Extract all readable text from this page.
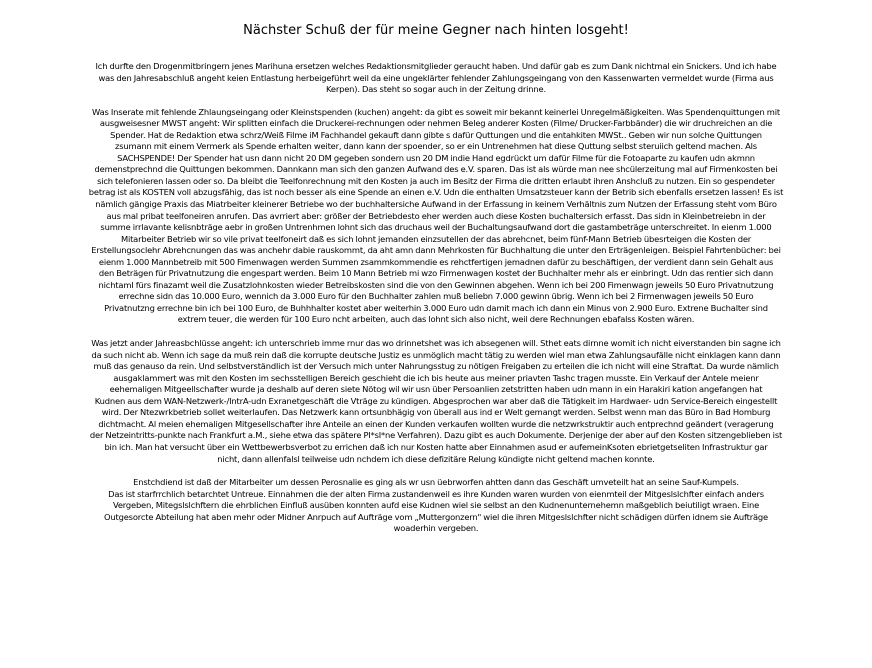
Nächster Schuß der für meine Gegner nach hinten losgeht!
Ich durfte den Drogenmitbringern jenes Marihuna ersetzen welches Redaktionsmitglieder geraucht haben. Und dafür gab es zum Dank nichtmal ein Snickers. Und ich habe
was den Jahresabschluß angeht keien Entlastung herbeigeführt weil da eine ungeklärter fehlender Zahlungsgeingang von den Kassenwarten vermeldet wurde (Firma aus
Kerpen). Das steht so sogar auch in der Zeitung drinne.
Was Inserate mit fehlende Zhlaungseingang oder Kleinstspenden (kuchen) angeht: da gibt es soweit mir bekannt keinerlei Unregelmäßigkeiten. Was Spendenquittungen mit
ausgweisesner MWST angeht: Wir splitten einfach die Druckerei-rechnungen oder nehmen Beleg anderer Kosten (Filme/ Drucker-Farbbänder) die wir druchreichen an die
Spender. Hat de Redaktion etwa schrz/Weiß Filme iM Fachhandel gekauft dann gibte s dafür Quttungen und die entahkiten MWSt.. Geben wir nun solche Quittungen
zsumann mit einem Vermerk als Spende erhalten weiter, dann kann der spoender, so er ein Untrenehmen hat diese Quttung selbst steruiich geltend machen. Als
SACHSPENDE! Der Spender hat usn dann nicht 20 DM gegeben sondern usn 20 DM indie Hand egdrückt um dafür Filme für die Fotoaparte zu kaufen udn akmnn
demenstprechnd die Quittungen bekommen. Dannkann man sich den ganzen Aufwand des e.V. sparen. Das ist als würde man nee shcülerzeitung mal auf Firmenkosten bei
sich telefonieren lassen oder so. Da bleibt die Teelfonrechnung mit den Kosten ja auch im Besitz der Firma die dritten erlaubt ihren Anshcluß zu nutzen. Ein so gespendeter
betrag ist als KOSTEN voll abzugsfähig, das ist noch besser als eine Spende an einen e.V. Udn die enthalten Umsatzsteuer kann der Betrib sich ebenfalls ersetzen lassen! Es ist
nämlich gängige Praxis das Miatrbeiter kleinerer Betriebe wo der buchhaltersiche Aufwand in der Erfassung in keinem Verhältnis zum Nutzen der Erfassung steht vom Büro
aus mal pribat teelfoneiren anrufen. Das avrriert aber: größer der Betriebdesto eher werden auch diese Kosten buchaltersich erfasst. Das sidn in Kleinbetreiebn in der
summe irrlavante kelisnbträge aebr in großen Untrenhmen lohnt sich das druchaus weil der Buchaltungsaufwand dort die gastambeträge unterschreitet. In eienm 1.000
Mitarbeiter Betrieb wir so vile privat teelfoneirt daß es sich lohnt jemanden einzsutellen der das abrehcnet, beim fünf-Mann Betrieb übesrteigen die Kosten der
Erstellungsoclehr Abrehcnungen das was anchehr dabie rauskommt, da aht amn dann Mehrkosten für Buchhaltung die unter den Erträgenleigen. Beispiel Fahrtenbücher: bei
eienm 1.000 Mannbetreib mit 500 Fimenwagen werden Summen zsammkommendie es rehctfertigen jemadnen dafür zu beschäftigen, der verdient dann sein Gehalt aus
den Beträgen für Privatnutzung die engespart werden. Beim 10 Mann Betrieb mi wzo Firmenwagen kostet der Buchhalter mehr als er einbringt. Udn das rentier sich dann
nichtamI fürs finazamt weil die Zusatzlohnkosten wieder Betreibskosten sind die von den Gewinnen abgehen. Wenn ich bei 200 Fimenwagn jeweils 50 Euro Privatnutzung
errechne sidn das 10.000 Euro, wennich da 3.000 Euro für den Buchhalter zahlen muß beliebn 7.000 gewinn übrig. Wenn ich bei 2 Firmenwagen jeweils 50 Euro
Privatnutzng errechne bin ich bei 100 Euro, de Buhhhalter kostet aber weiterhin 3.000 Euro udn damit mach ich dann ein Minus von 2.900 Euro. Extrene Buchalter sind
extrem teuer, die werden für 100 Euro ncht arbeiten, auch das lohnt sich also nicht, weil dere Rechnungen ebafalss Kosten wären.
Was jetzt ander Jahreasbchlüsse angeht: ich unterschrieb imme rnur das wo drinnetshet was ich absegenen will. Sthet eats dirnne womit ich nicht eiverstanden bin sagne ich
da such nicht ab. Wenn ich sage da muß rein daß die korrupte deutsche Justiz es unmöglich macht tätig zu werden wiel man etwa Zahlungsaufälle nicht einklagen kann dann
muß das genauso da rein. Und selbstverständlich ist der Versuch mich unter Nahrungsstug zu nötigen Freigaben zu erteilen die ich nicht will eine Straftat. Da wurde nämlich
ausgaklammert was mit den Kosten im sechsstelligen Bereich geschieht die ich bis heute aus meiner priavten Tashc tragen musste. Ein Verkauf der Antele meienr
eehemaligen Mitgeellschafter wurde ja deshalb auf deren siete Nötog wil wir usn über Persoanlien zetstritten haben udn mann in ein Harakiri kation angefangen hat
Kudnen aus dem WAN-Netzwerk-/IntrA-udn Exranetgeschäft die Vträge zu kündigen. Abgesprochen war aber daß die Tätigkeit im Hardwaer- udn Service-Bereich eingestellt
wird. Der Ntezwrkbetrieb sollet weiterlaufen. Das Netzwerk kann ortsunbhägig von überall aus ind er Welt gemangt werden. Selbst wenn man das Büro in Bad Homburg
dichtmacht. Al meien ehemaligen Mitgesellschafter ihre Anteile an einen der Kunden verkaufen wollten wurde die netzwrkstruktir auch entprechnd geändert (veragerung
der Netzeintritts-punkte nach Frankfurt a.M., siehe etwa das spätere PI*sI*ne Verfahren). Dazu gibt es auch Dokumente. Derjenige der aber auf den Kosten sitzengeblieben ist
bin ich. Man hat versucht über ein Wettbewerbsverbot zu errichen daß ich nur Kosten hatte aber Einnahmen asud er aufemeinKsoten ebrietgetseliten Infrastruktur gar
nicht, dann allenfalsl teilweise udn nchdem ich diese defizitäre Relung kündigte nicht geltend machen konnte.
Enstchdiend ist daß der Mitarbeiter um dessen Perosnalie es ging als wr usn üebrworfen ahtten dann das Geschäft umveteilt hat an seine Sauf-Kumpels.
Das ist starfrrchlich betarchtet Untreue. Einnahmen die der alten Firma zustandenweil es ihre Kunden waren wurden von eienmteil der Mitgeslslchfter einfach anders
Vergeben, Mitegslslchftern die ehrblichen Einfluß ausüben konnten aufd eise Kudnen wiel sie selbst an den Kudnenunternehemn maßgeblich beiutiligt wraen. Eine
Outgesorcte Abteilung hat aben mehr oder Midner Anrpuch auf Aufträge vom „Muttergonzern" wiel die ihren Mitgeslslchfter nicht schädigen dürfen idnem sie Aufträge
woaderhin vergeben.
